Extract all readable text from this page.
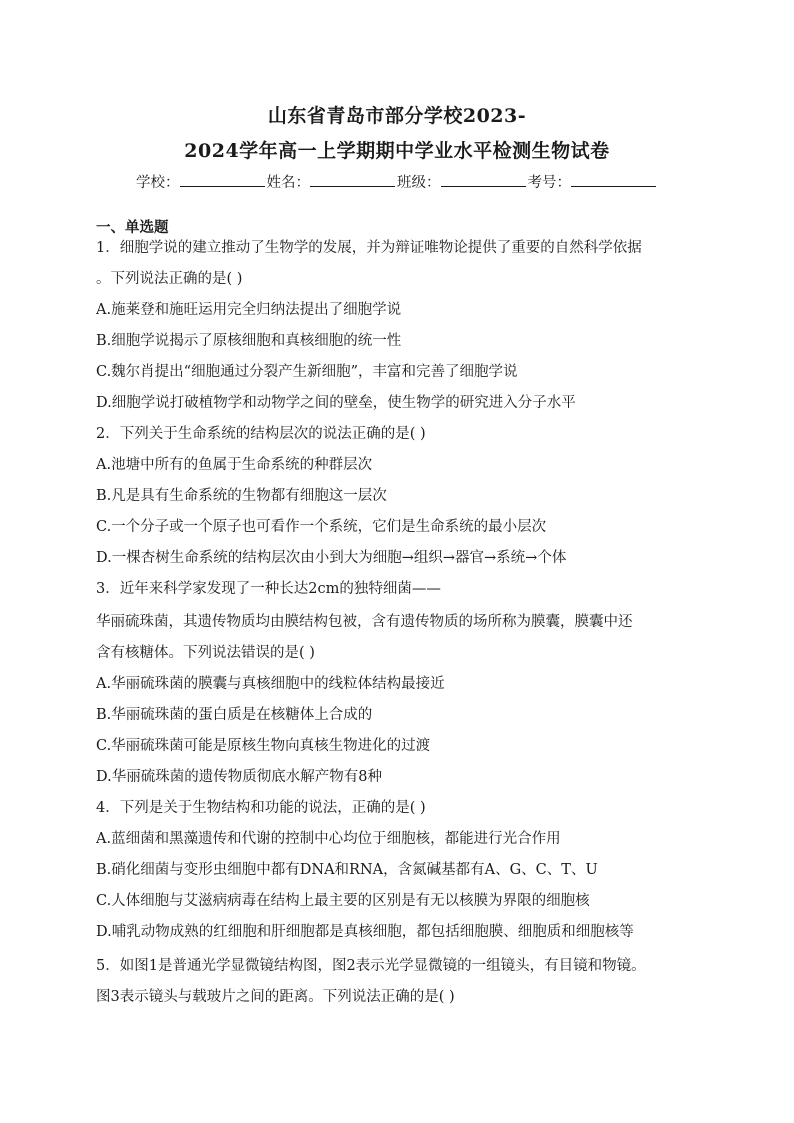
山东省青岛市部分学校2023-
2024学年高一上学期期中学业水平检测生物试卷
学校：	姓名：	班级：	考号：
一、单选题
1．细胞学说的建立推动了生物学的发展，并为辩证唯物论提供了重要的自然科学依据
。下列说法正确的是( )
A.施莱登和施旺运用完全归纳法提出了细胞学说
B.细胞学说揭示了原核细胞和真核细胞的统一性
C.魏尔肖提出“细胞通过分裂产生新细胞”，丰富和完善了细胞学说
D.细胞学说打破植物学和动物学之间的壁垒，使生物学的研究进入分子水平
2．下列关于生命系统的结构层次的说法正确的是( )
A.池塘中所有的鱼属于生命系统的种群层次
B.凡是具有生命系统的生物都有细胞这一层次
C.一个分子或一个原子也可看作一个系统，它们是生命系统的最小层次
D.一棵杏树生命系统的结构层次由小到大为细胞→组织→器官→系统→个体
3．近年来科学家发现了一种长达2cm的独特细菌——
华丽硫珠菌，其遗传物质均由膜结构包被，含有遗传物质的场所称为膜囊，膜囊中还
含有核糖体。下列说法错误的是( )
A.华丽硫珠菌的膜囊与真核细胞中的线粒体结构最接近
B.华丽硫珠菌的蛋白质是在核糖体上合成的
C.华丽硫珠菌可能是原核生物向真核生物进化的过渡
D.华丽硫珠菌的遗传物质彻底水解产物有8种
4．下列是关于生物结构和功能的说法，正确的是( )
A.蓝细菌和黑藻遗传和代谢的控制中心均位于细胞核，都能进行光合作用
B.硝化细菌与变形虫细胞中都有DNA和RNA，含氮碱基都有A、G、C、T、U
C.人体细胞与艾滋病病毒在结构上最主要的区别是有无以核膜为界限的细胞核
D.哺乳动物成熟的红细胞和肝细胞都是真核细胞，都包括细胞膜、细胞质和细胞核等
5．如图1是普通光学显微镜结构图，图2表示光学显微镜的一组镜头，有目镜和物镜。
图3表示镜头与载玻片之间的距离。下列说法正确的是( )
